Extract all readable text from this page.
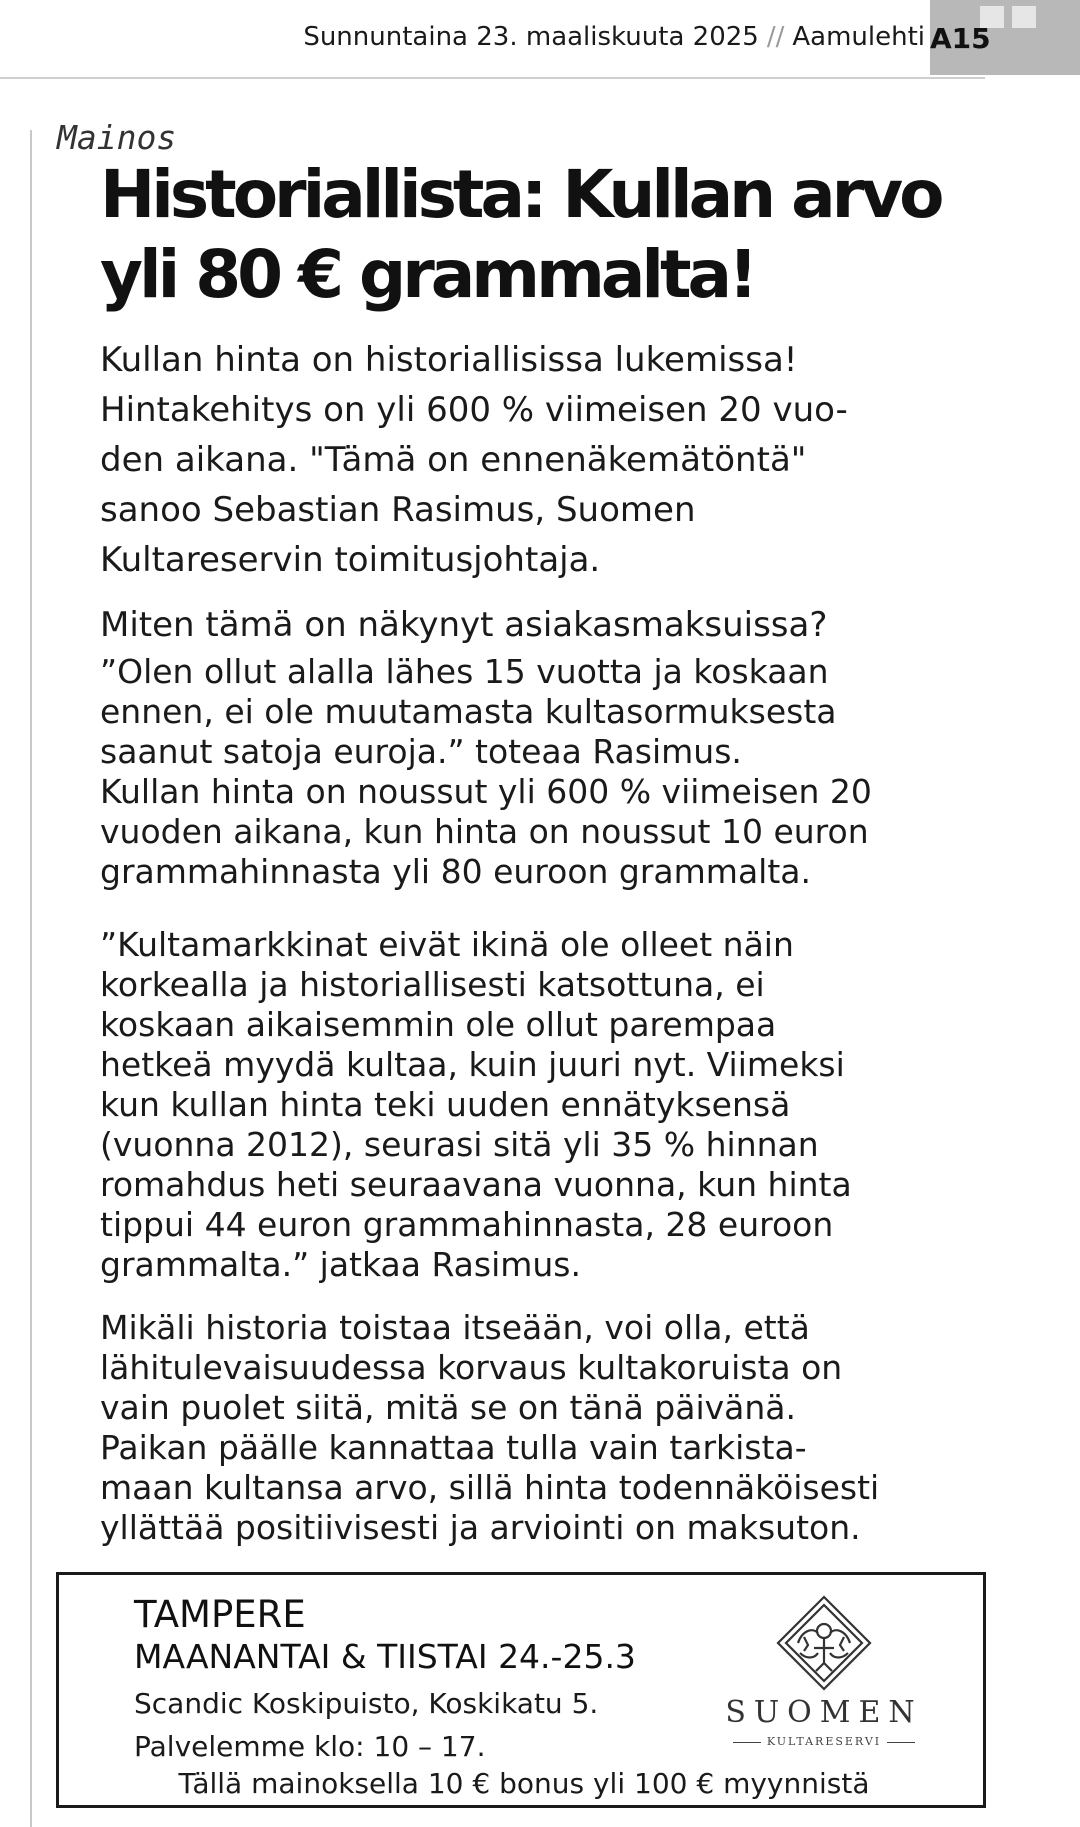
Sunnuntaina 23. maaliskuuta 2025 // Aamulehti A15
Mainos
Historiallista: Kullan arvo yli 80 € grammalta!

Kullan hinta on historiallisissa lukemissa!
Hintakehitys on yli 600 % viimeisen 20 vuo-
den aikana. "Tämä on ennenäkemätöntä"
sanoo Sebastian Rasimus, Suomen
Kultareservin toimitusjohtaja.

Miten tämä on näkynyt asiakasmaksuissa?

”Olen ollut alalla lähes 15 vuotta ja koskaan
ennen, ei ole muutamasta kultasormuksesta
saanut satoja euroja.” toteaa Rasimus.
Kullan hinta on noussut yli 600 % viimeisen 20
vuoden aikana, kun hinta on noussut 10 euron
grammahinnasta yli 80 euroon grammalta.

”Kultamarkkinat eivät ikinä ole olleet näin
korkealla ja historiallisesti katsottuna, ei
koskaan aikaisemmin ole ollut parempaa
hetkeä myydä kultaa, kuin juuri nyt. Viimeksi
kun kullan hinta teki uuden ennätyksensä
(vuonna 2012), seurasi sitä yli 35 % hinnan
romahdus heti seuraavana vuonna, kun hinta
tippui 44 euron grammahinnasta, 28 euroon
grammalta.” jatkaa Rasimus.

Mikäli historia toistaa itseään, voi olla, että
lähitulevaisuudessa korvaus kultakoruista on
vain puolet siitä, mitä se on tänä päivänä.
Paikan päälle kannattaa tulla vain tarkista-
maan kultansa arvo, sillä hinta todennäköisesti
yllättää positiivisesti ja arviointi on maksuton.

TAMPERE
MAANANTAI & TIISTAI 24.-25.3
Scandic Koskipuisto, Koskikatu 5.
Palvelemme klo: 10 – 17.
Tällä mainoksella 10 € bonus yli 100 € myynnistä
SUOMEN
KULTARESERVI
